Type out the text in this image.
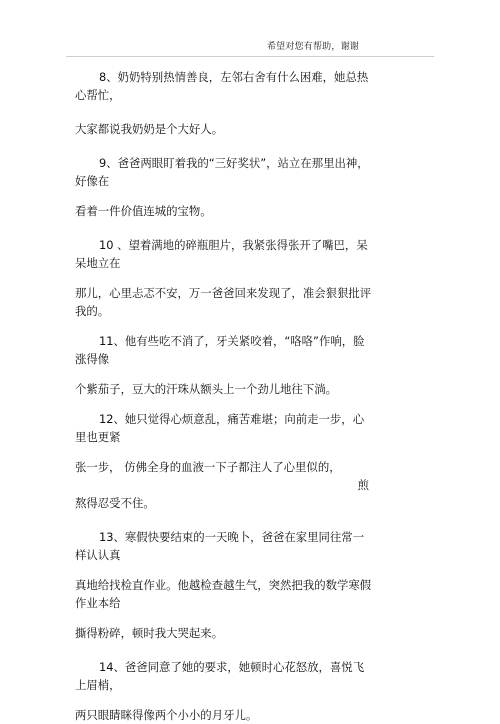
希望对您有帮助，谢谢

8、奶奶特别热情善良，左邻右舍有什么困难，她总热心帮忙，

大家都说我奶奶是个大好人。

9、爸爸两眼盯着我的“三好奖状”，站立在那里出神，好像在

看着一件价值连城的宝物。

10 、望着满地的碎瓶胆片，我紧张得张开了嘴巴，呆呆地立在

那儿，心里忐忑不安，万一爸爸回来发现了，准会狠狠批评我的。

11、他有些吃不消了，牙关紧咬着，“咯咯”作响，脸涨得像

个紫茄子，豆大的汗珠从额头上一个劲儿地往下淌。

12、她只觉得心烦意乱，痛苦难堪；向前走一步，心里也更紧

张一步， 仿佛全身的血液一下子都注人了心里似的，

煎

熬得忍受不住。

13、寒假快要结束的一天晚卜，爸爸在家里同往常一样认认真

真地给找检直作业。他越检查越生气，突然把我的数学寒假作业本给

撕得粉碎，顿时我大哭起来。

14、爸爸同意了她的要求，她顿时心花怒放，喜悦飞上眉梢，

两只眼睛眯得像两个小小的月牙儿。
